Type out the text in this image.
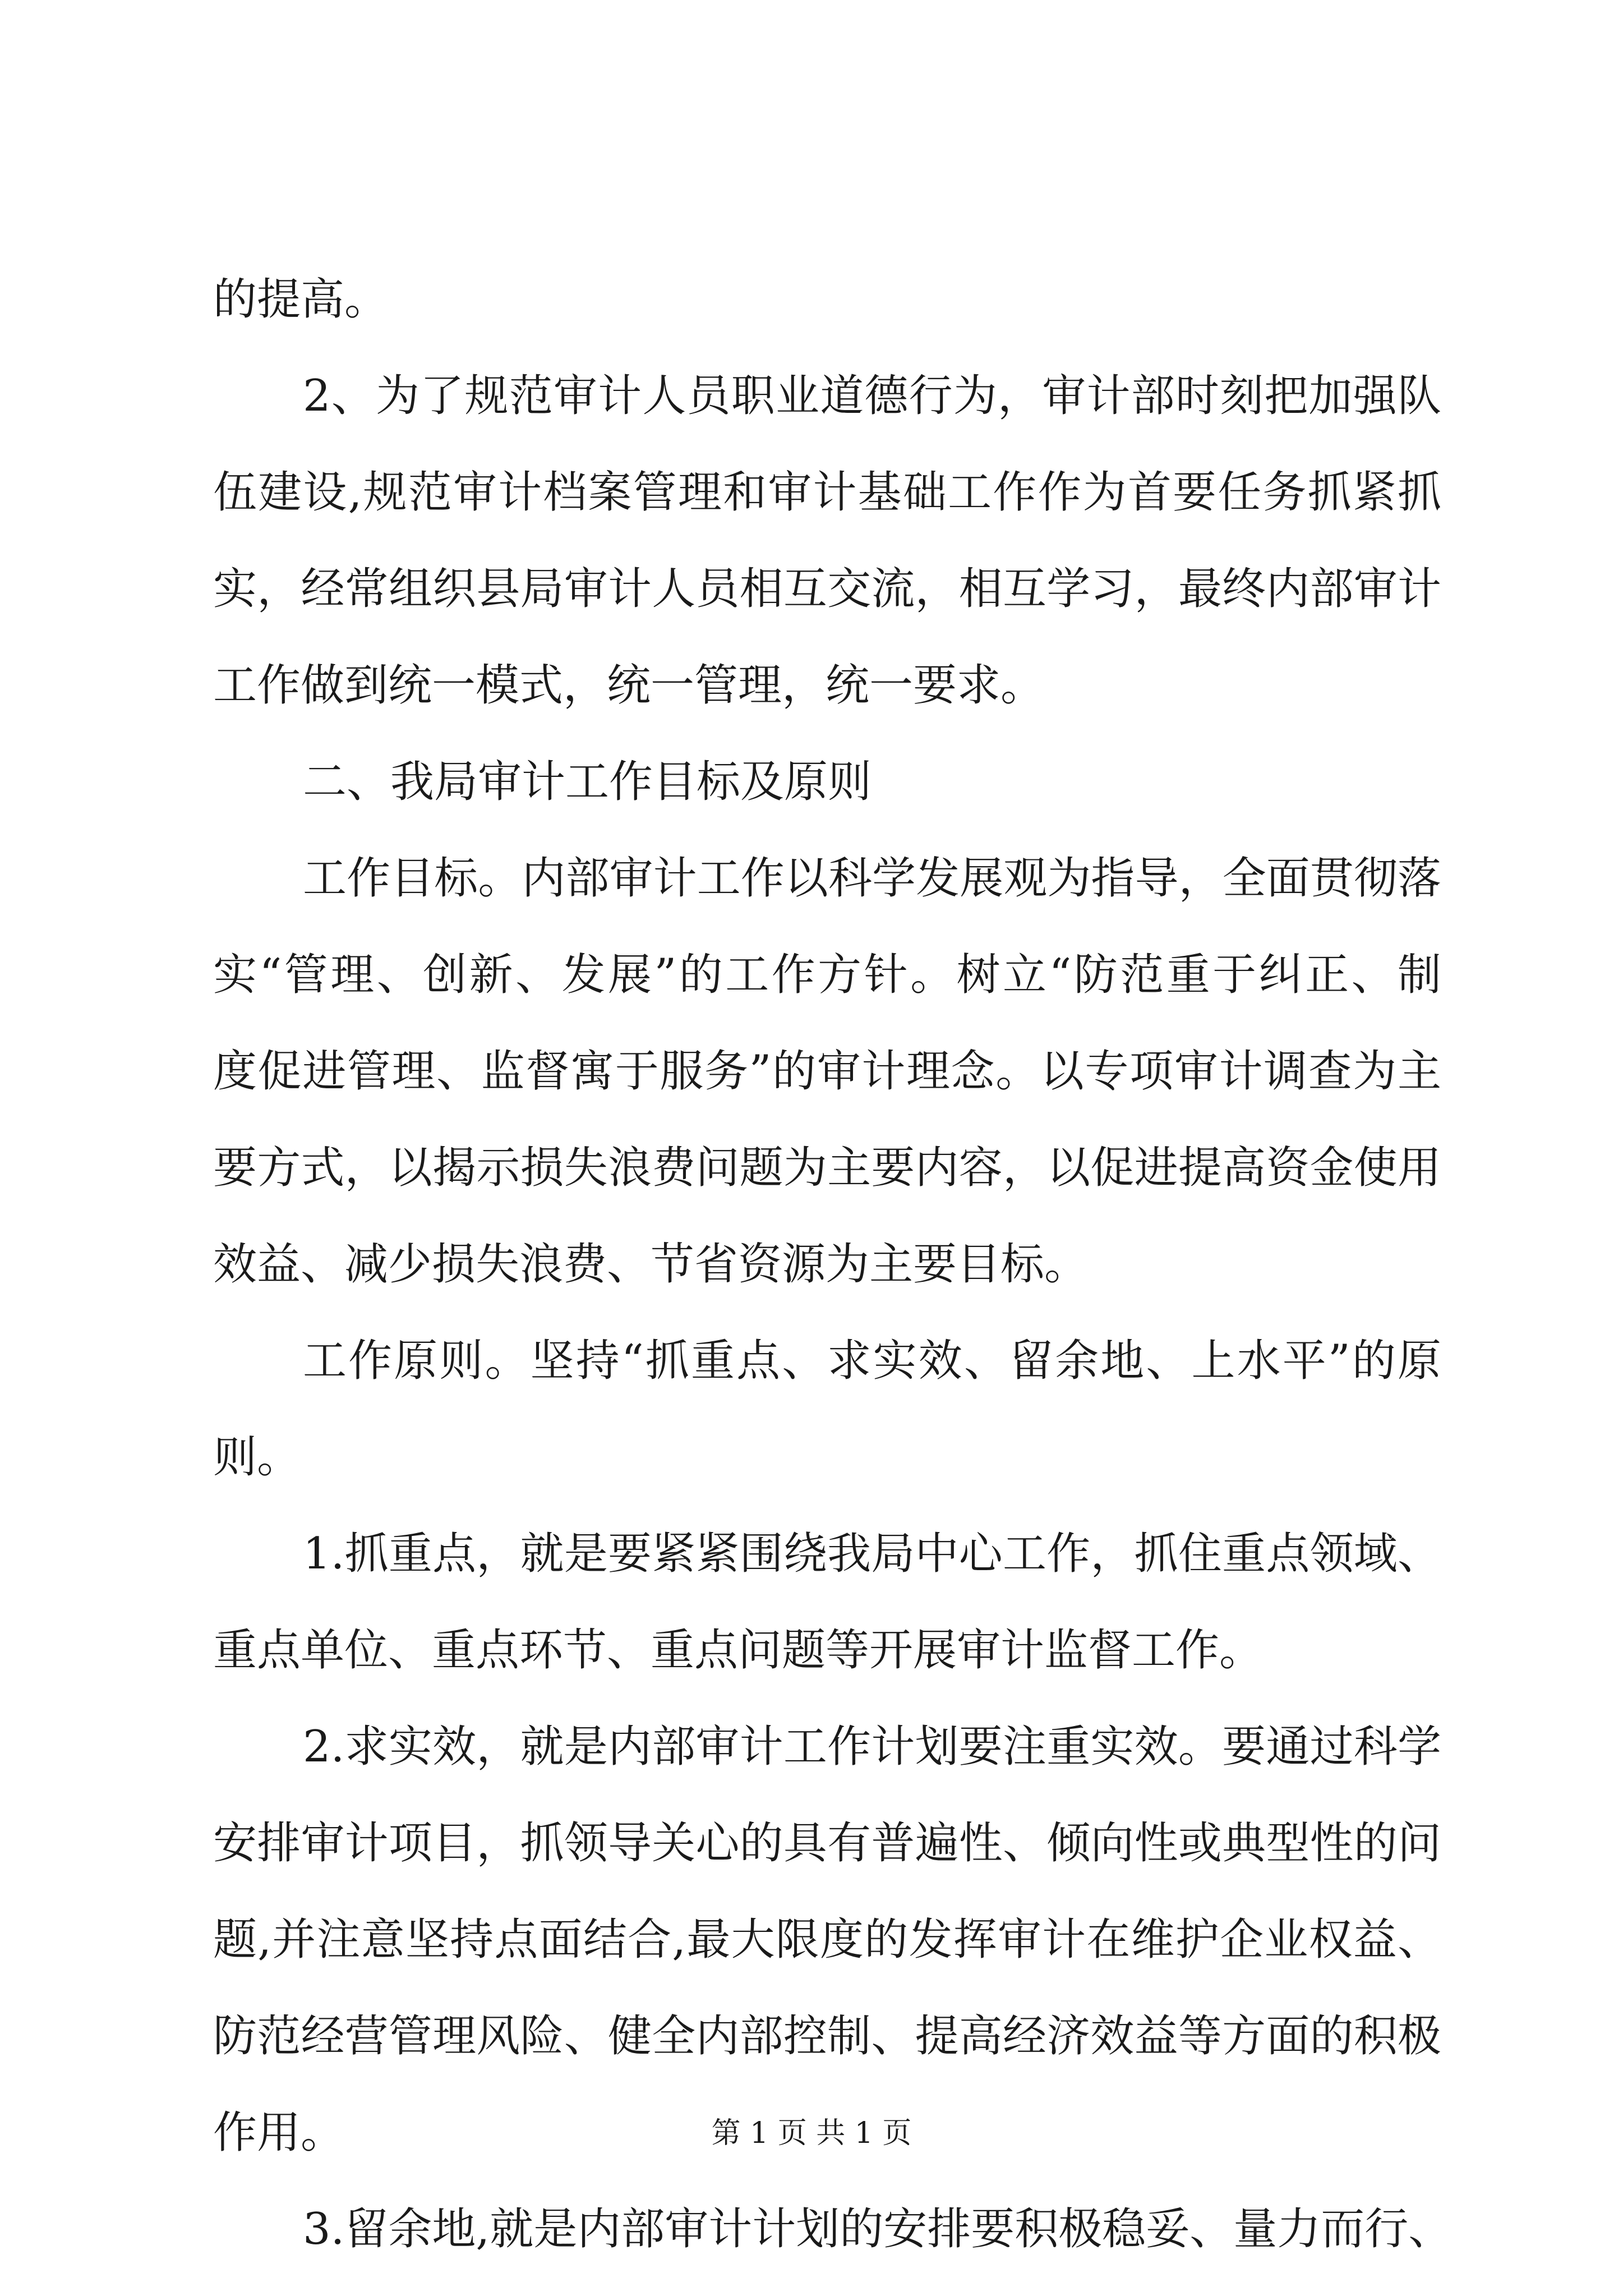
的提高。
2、为了规范审计人员职业道德行为，审计部时刻把加强队
伍建设,规范审计档案管理和审计基础工作作为首要任务抓紧抓
实，经常组织县局审计人员相互交流，相互学习，最终内部审计
工作做到统一模式，统一管理，统一要求。
二、我局审计工作目标及原则
工作目标。内部审计工作以科学发展观为指导，全面贯彻落
实“管理、创新、发展”的工作方针。树立“防范重于纠正、制
度促进管理、监督寓于服务”的审计理念。以专项审计调查为主
要方式，以揭示损失浪费问题为主要内容，以促进提高资金使用
效益、减少损失浪费、节省资源为主要目标。
工作原则。坚持“抓重点、求实效、留余地、上水平”的原
则。
1.抓重点，就是要紧紧围绕我局中心工作，抓住重点领域、
重点单位、重点环节、重点问题等开展审计监督工作。
2.求实效，就是内部审计工作计划要注重实效。要通过科学
安排审计项目，抓领导关心的具有普遍性、倾向性或典型性的问
题,并注意坚持点面结合,最大限度的发挥审计在维护企业权益、
防范经营管理风险、健全内部控制、提高经济效益等方面的积极
作用。
3.留余地,就是内部审计计划的安排要积极稳妥、量力而行、
第 1 页 共 1 页
